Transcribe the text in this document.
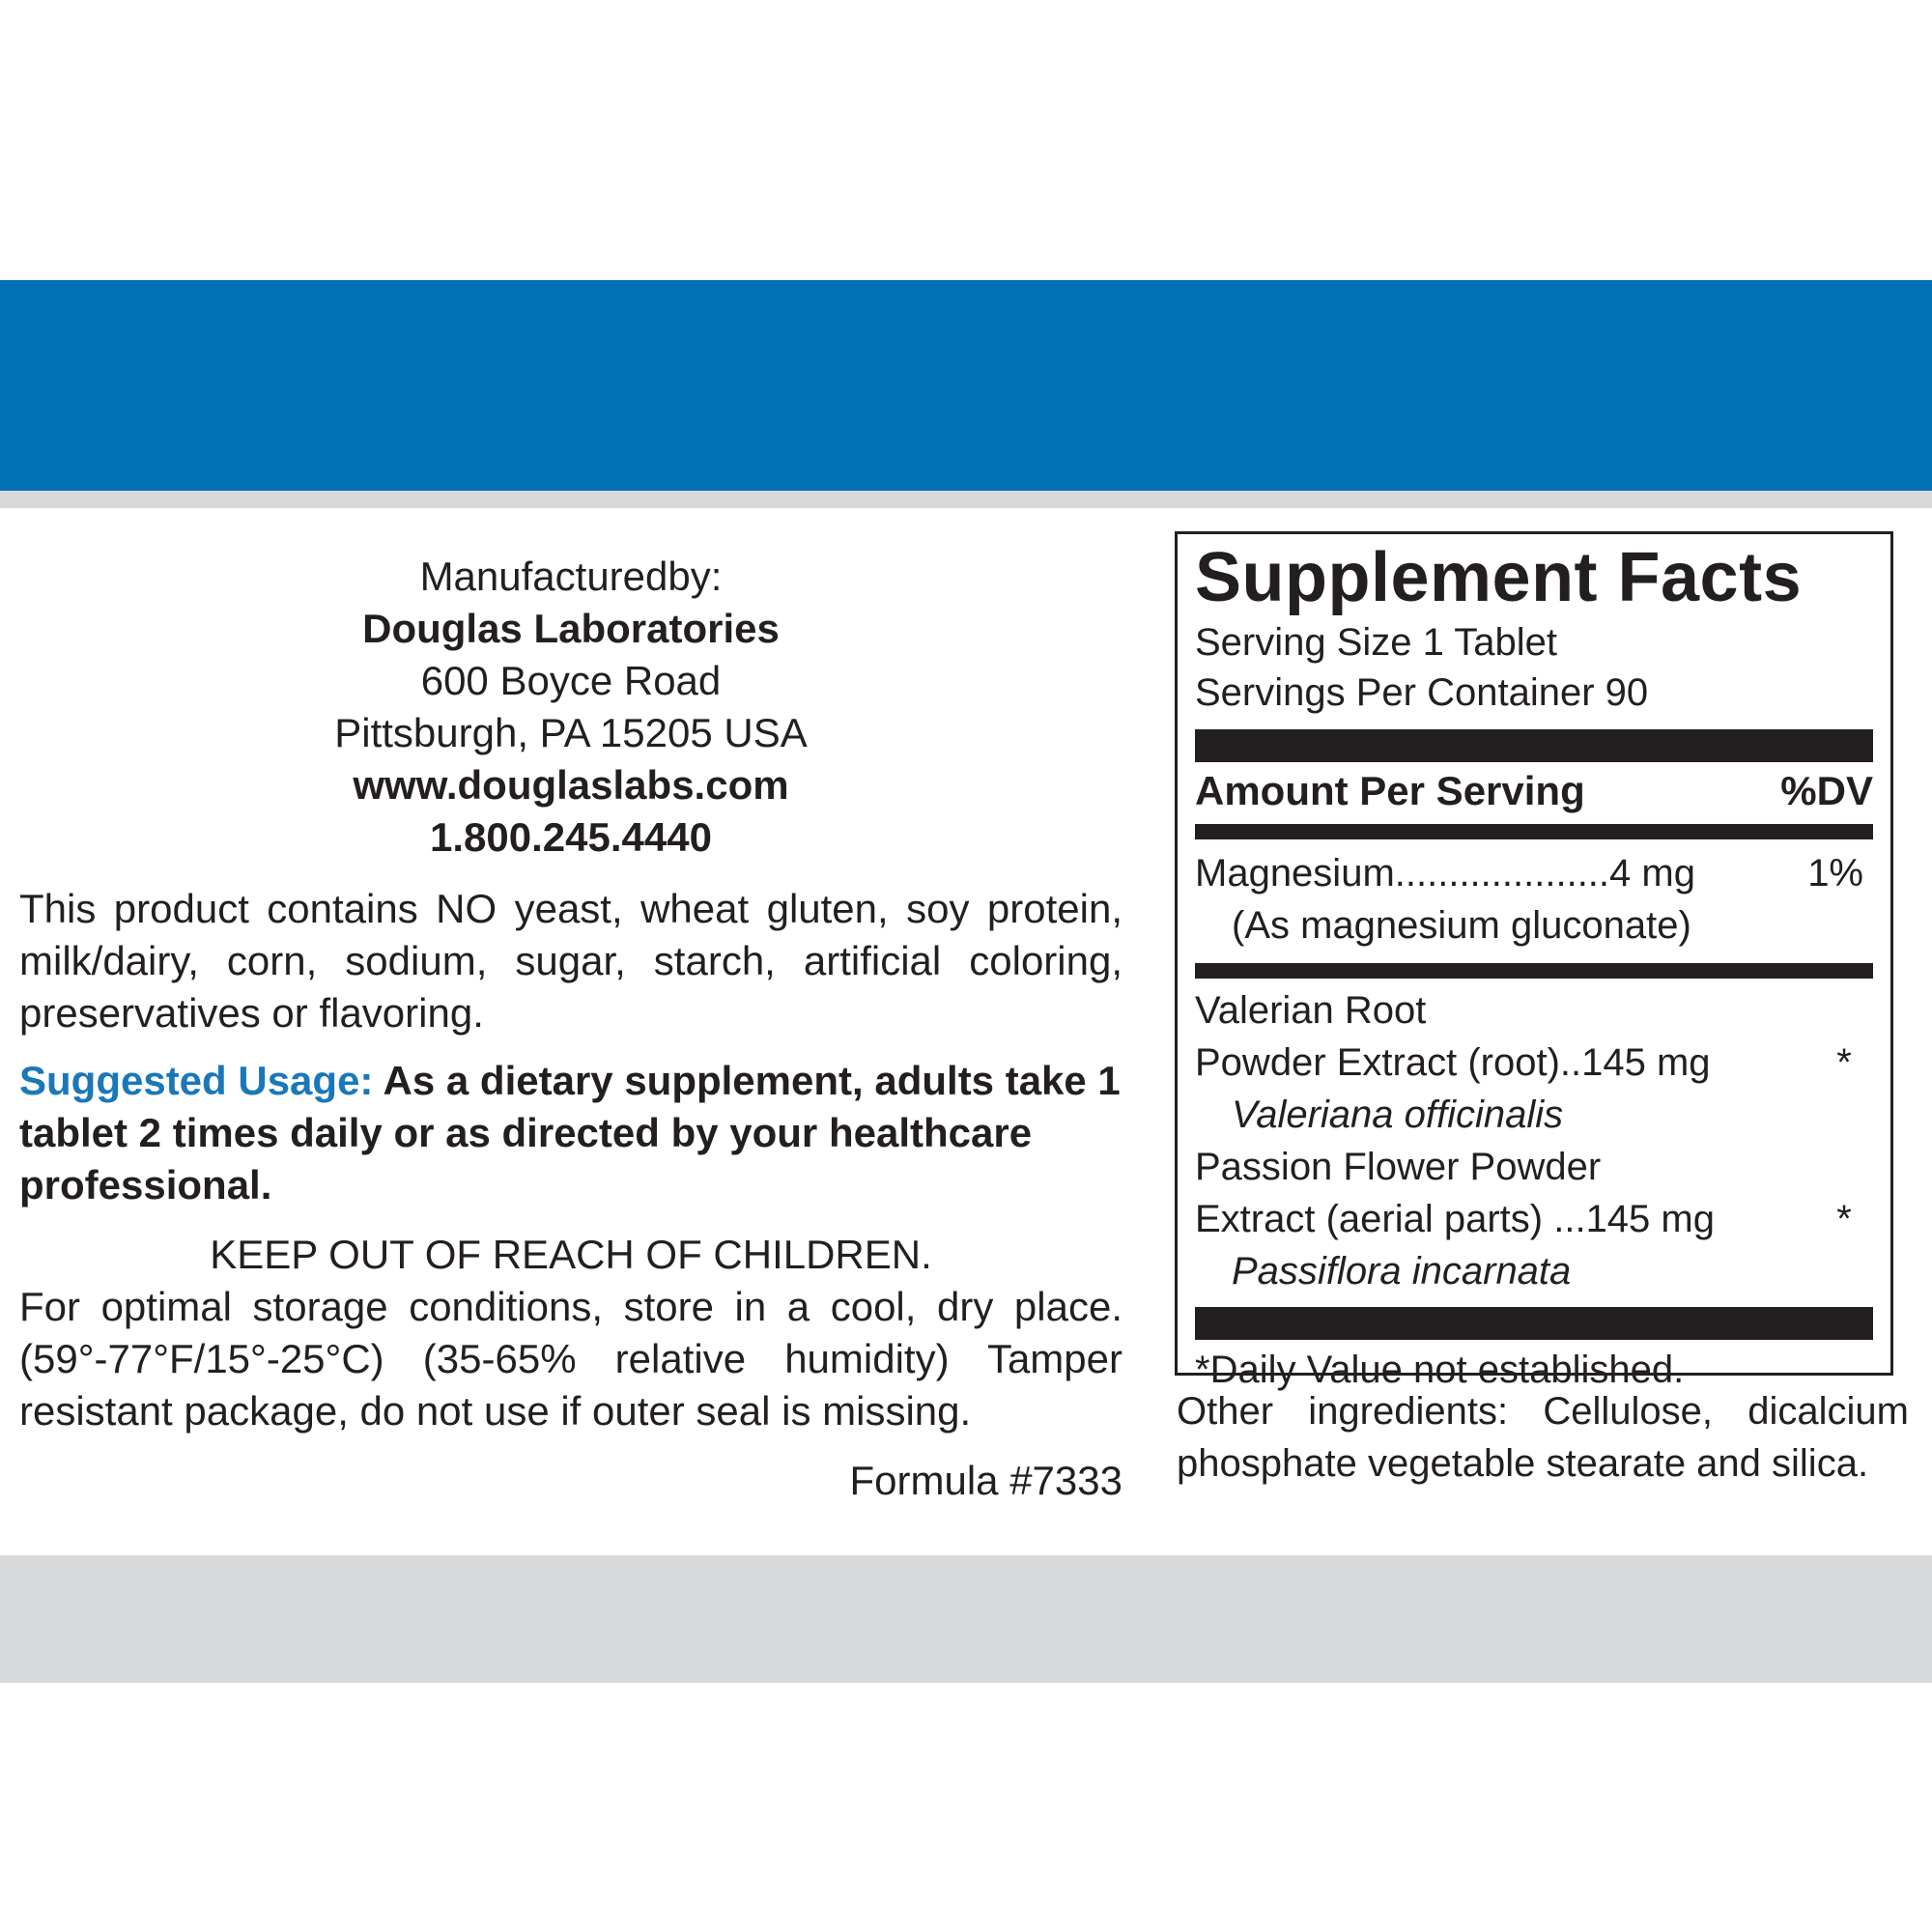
Manufacturedby:
Douglas Laboratories
600 Boyce Road
Pittsburgh, PA 15205 USA
www.douglaslabs.com
1.800.245.4440
This product contains NO yeast, wheat gluten, soy protein, milk/dairy, corn, sodium, sugar, starch, artificial coloring, preservatives or flavoring.
Suggested Usage: As a dietary supplement, adults take 1 tablet 2 times daily or as directed by your healthcare professional.
KEEP OUT OF REACH OF CHILDREN.
For optimal storage conditions, store in a cool, dry place. (59°-77°F/15°-25°C) (35-65% relative humidity) Tamper resistant package, do not use if outer seal is missing.
Formula #7333
Supplement Facts
Serving Size 1 Tablet
Servings Per Container 90
Amount Per Serving	%DV
Magnesium....................4 mg	1%
(As magnesium gluconate)
Valerian Root
Powder Extract (root)..145 mg	*
Valeriana officinalis
Passion Flower Powder
Extract (aerial parts) ...145 mg	*
Passiflora incarnata
*Daily Value not established.
Other ingredients: Cellulose, dicalcium phosphate vegetable stearate and silica.
